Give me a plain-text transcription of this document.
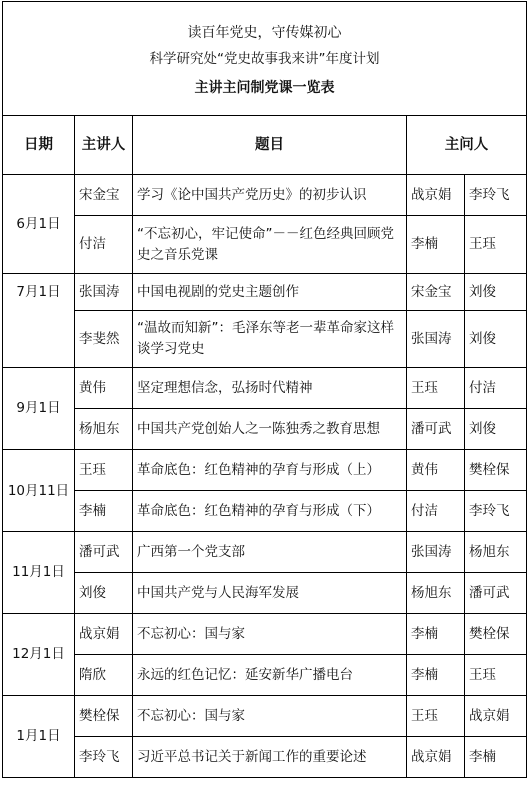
读百年党史，守传媒初心
科学研究处“党史故事我来讲”年度计划
主讲主问制党课一览表				

日期	主讲人	题目	主问人	
6月1日	宋金宝	学习《论中国共产党历史》的初步认识	战京娟	李玲飞
	付洁	“不忘初心，牢记使命”－－红色经典回顾党史之音乐党课	李楠	王珏
7月1日	张国涛	中国电视剧的党史主题创作	宋金宝	刘俊
	李斐然	“温故而知新”：毛泽东等老一辈革命家这样谈学习党史	张国涛	刘俊
9月1日	黄伟	坚定理想信念，弘扬时代精神	王珏	付洁
	杨旭东	中国共产党创始人之一陈独秀之教育思想	潘可武	刘俊
10月11日	王珏	革命底色：红色精神的孕育与形成（上）	黄伟	樊栓保
	李楠	革命底色：红色精神的孕育与形成（下）	付洁	李玲飞
11月1日	潘可武	广西第一个党支部	张国涛	杨旭东
	刘俊	中国共产党与人民海军发展	杨旭东	潘可武
12月1日	战京娟	不忘初心：国与家	李楠	樊栓保
	隋欣	永远的红色记忆：延安新华广播电台	李楠	王珏
1月1日	樊栓保	不忘初心：国与家	王珏	战京娟
	李玲飞	习近平总书记关于新闻工作的重要论述	战京娟	李楠
